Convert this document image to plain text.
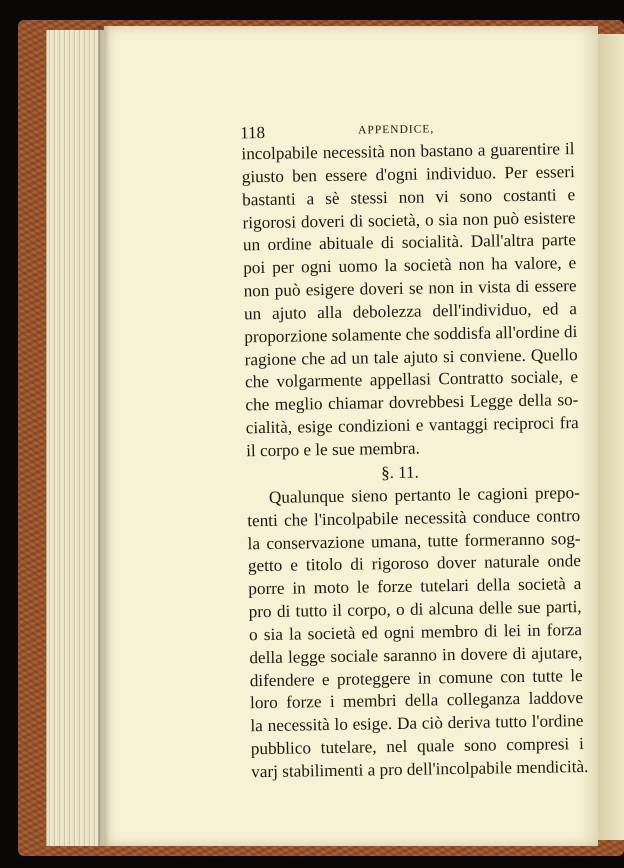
118	APPENDICE,
incolpabile necessità non bastano a guarentire il
giusto ben essere d'ogni individuo. Per esseri
bastanti a sè stessi non vi sono costanti e
rigorosi doveri di società, o sia non può esistere
un ordine abituale di socialità. Dall'altra parte
poi per ogni uomo la società non ha valore, e
non può esigere doveri se non in vista di essere
un ajuto alla debolezza dell'individuo, ed a
proporzione solamente che soddisfa all'ordine di
ragione che ad un tale ajuto si conviene. Quello
che volgarmente appellasi Contratto sociale, e
che meglio chiamar dovrebbesi Legge della so-
cialità, esige condizioni e vantaggi reciproci fra
il corpo e le sue membra.
§. 11.
Qualunque sieno pertanto le cagioni prepo-
tenti che l'incolpabile necessità conduce contro
la conservazione umana, tutte formeranno sog-
getto e titolo di rigoroso dover naturale onde
porre in moto le forze tutelari della società a
pro di tutto il corpo, o di alcuna delle sue parti,
o sia la società ed ogni membro di lei in forza
della legge sociale saranno in dovere di ajutare,
difendere e proteggere in comune con tutte le
loro forze i membri della colleganza laddove
la necessità lo esige. Da ciò deriva tutto l'ordine
pubblico tutelare, nel quale sono compresi i
varj stabilimenti a pro dell'incolpabile mendicità.
